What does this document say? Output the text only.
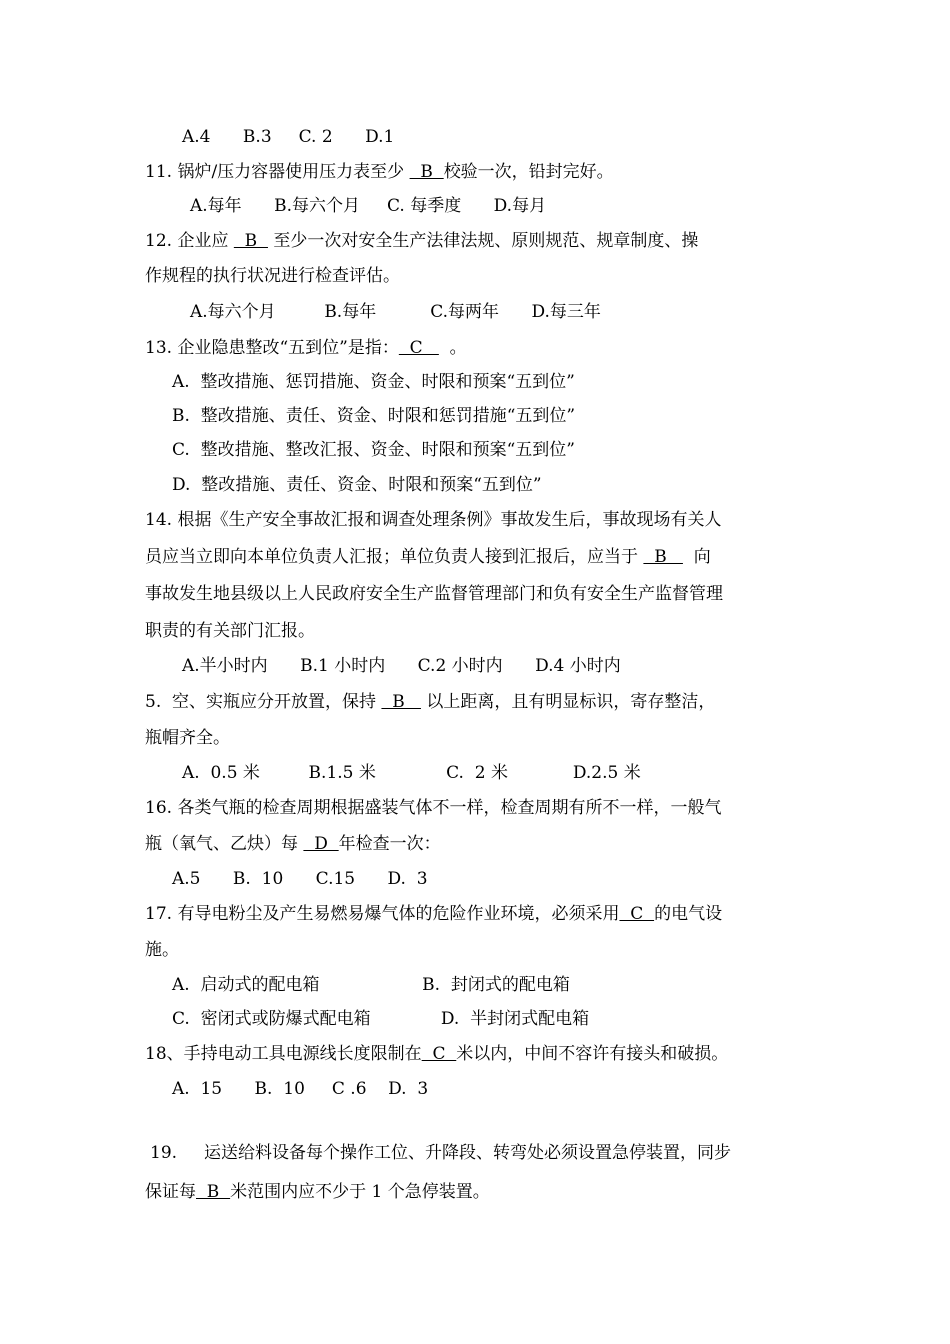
A.4      B.3     C. 2      D.1
11. 锅炉/压力容器使用压力表至少   B  校验一次，铅封完好。
A.每年      B.每六个月     C. 每季度      D.每月
12. 企业应   B   至少一次对安全生产法律法规、原则规范、规章制度、操
作规程的执行状况进行检查评估。
A.每六个月         B.每年          C.每两年      D.每三年
13. 企业隐患整改“五到位”是指：  C     。
A.  整改措施、惩罚措施、资金、时限和预案“五到位”
B.  整改措施、责任、资金、时限和惩罚措施“五到位”
C.  整改措施、整改汇报、资金、时限和预案“五到位”
D.  整改措施、责任、资金、时限和预案“五到位”
14. 根据《生产安全事故汇报和调查处理条例》事故发生后，事故现场有关人
员应当立即向本单位负责人汇报；单位负责人接到汇报后，应当于   B     向
事故发生地县级以上人民政府安全生产监督管理部门和负有安全生产监督管理
职责的有关部门汇报。
A.半小时内      B.1 小时内      C.2 小时内      D.4 小时内
5.  空、实瓶应分开放置，保持   B    以上距离，且有明显标识，寄存整洁，
瓶帽齐全。
A.  0.5 米         B.1.5 米             C.  2 米            D.2.5 米
16. 各类气瓶的检查周期根据盛装气体不一样，检查周期有所不一样，一般气
瓶（氧气、乙炔）每   D  年检查一次：
A.5      B.  10      C.15      D.  3
17. 有导电粉尘及产生易燃易爆气体的危险作业环境，必须采用  C  的电气设
施。
A.  启动式的配电箱                   B.  封闭式的配电箱
C.  密闭式或防爆式配电箱             D.  半封闭式配电箱
18、手持电动工具电源线长度限制在  C  米以内，中间不容许有接头和破损。
A.  15      B.  10     C .6    D.  3
19.     运送给料设备每个操作工位、升降段、转弯处必须设置急停装置，同步
保证每  B  米范围内应不少于 1 个急停装置。
